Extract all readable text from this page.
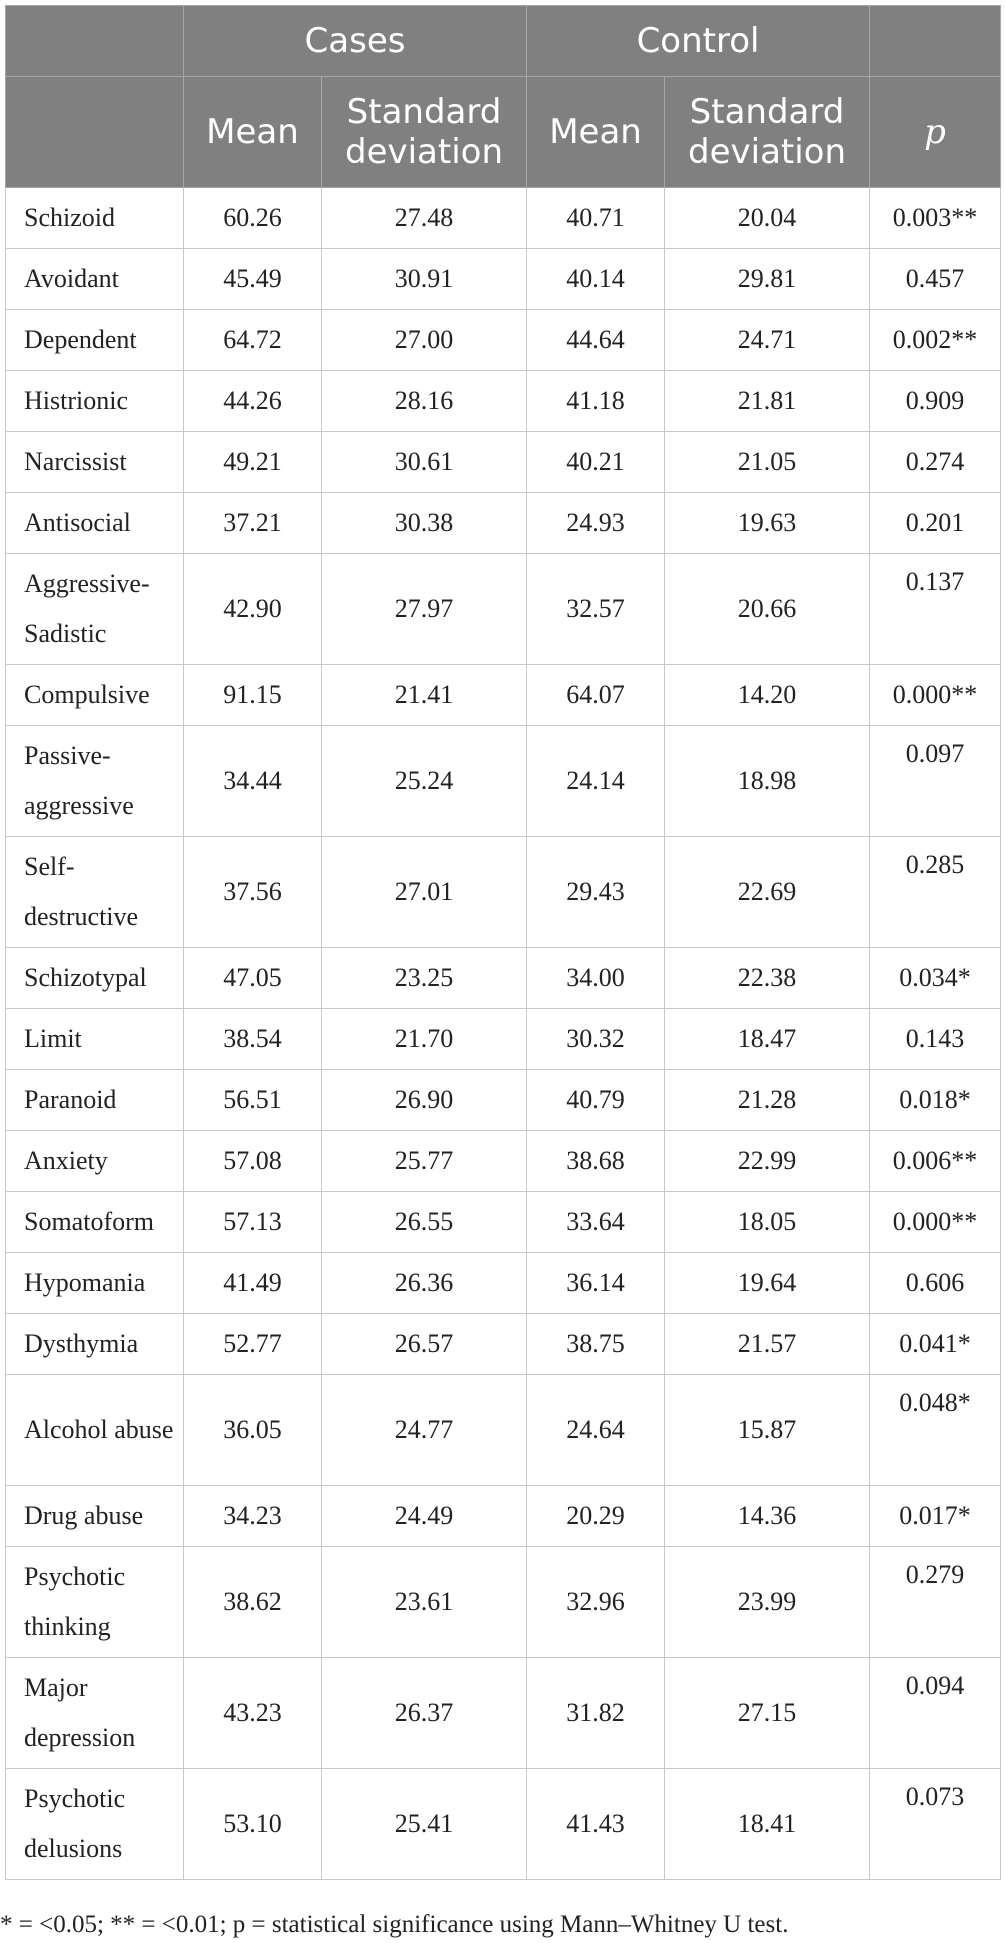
	Cases		Control		
	Mean	Standard deviation	Mean	Standard deviation	p
Schizoid	60.26	27.48	40.71	20.04	0.003**
Avoidant	45.49	30.91	40.14	29.81	0.457
Dependent	64.72	27.00	44.64	24.71	0.002**
Histrionic	44.26	28.16	41.18	21.81	0.909
Narcissist	49.21	30.61	40.21	21.05	0.274
Antisocial	37.21	30.38	24.93	19.63	0.201
Aggressive-Sadistic	42.90	27.97	32.57	20.66	0.137
Compulsive	91.15	21.41	64.07	14.20	0.000**
Passive-aggressive	34.44	25.24	24.14	18.98	0.097
Self-destructive	37.56	27.01	29.43	22.69	0.285
Schizotypal	47.05	23.25	34.00	22.38	0.034*
Limit	38.54	21.70	30.32	18.47	0.143
Paranoid	56.51	26.90	40.79	21.28	0.018*
Anxiety	57.08	25.77	38.68	22.99	0.006**
Somatoform	57.13	26.55	33.64	18.05	0.000**
Hypomania	41.49	26.36	36.14	19.64	0.606
Dysthymia	52.77	26.57	38.75	21.57	0.041*
Alcohol abuse	36.05	24.77	24.64	15.87	0.048*
Drug abuse	34.23	24.49	20.29	14.36	0.017*
Psychotic thinking	38.62	23.61	32.96	23.99	0.279
Major depression	43.23	26.37	31.82	27.15	0.094
Psychotic delusions	53.10	25.41	41.43	18.41	0.073
* = <0.05; ** = <0.01; p = statistical significance using Mann–Whitney U test.
